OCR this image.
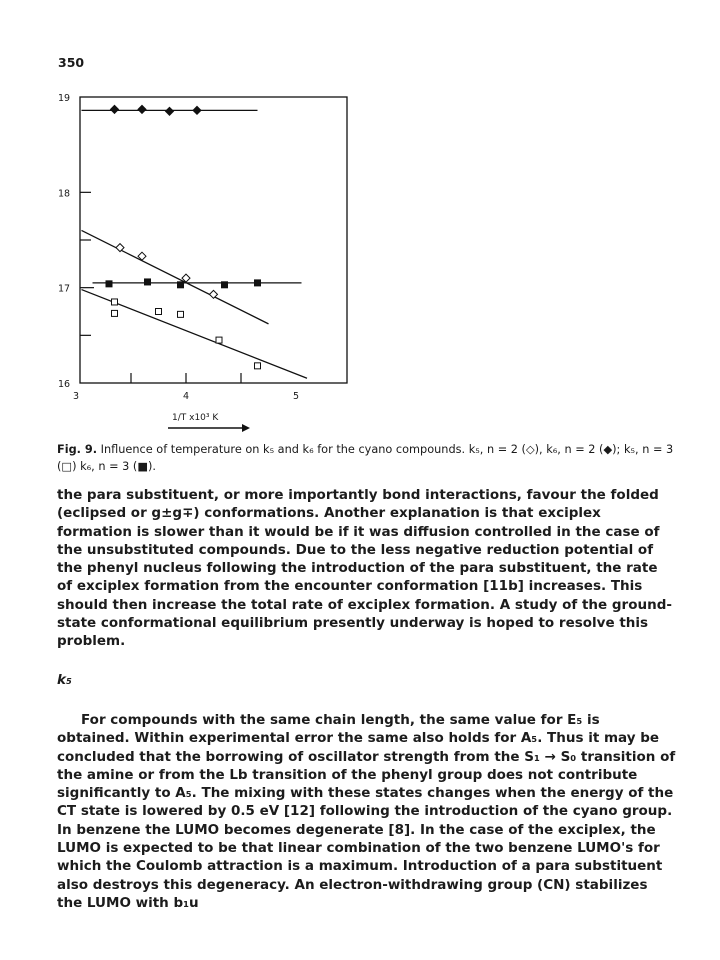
350
19
18
17
16
3	4	5
1/T x10³ K
Fig. 9. Influence of temperature on k₅ and k₆ for the cyano compounds. k₅, n = 2 (◇), k₆, n = 2 (◆); k₅, n = 3 (□) k₆, n = 3 (■).

the para substituent, or more importantly bond interactions, favour the folded (eclipsed or g±g∓) conformations. Another explanation is that exciplex formation is slower than it would be if it was diffusion controlled in the case of the unsubstituted compounds. Due to the less negative reduction potential of the phenyl nucleus following the introduction of the para substituent, the rate of exciplex formation from the encounter conformation [11b] increases. This should then increase the total rate of exciplex formation. A study of the ground-state conformational equilibrium presently underway is hoped to resolve this problem.

k₅

For compounds with the same chain length, the same value for E₅ is obtained. Within experimental error the same also holds for A₅. Thus it may be concluded that the borrowing of oscillator strength from the S₁ → S₀ transition of the amine or from the Lb transition of the phenyl group does not contribute significantly to A₅. The mixing with these states changes when the energy of the CT state is lowered by 0.5 eV [12] following the introduction of the cyano group. In benzene the LUMO becomes degenerate [8]. In the case of the exciplex, the LUMO is expected to be that linear combination of the two benzene LUMO's for which the Coulomb attraction is a maximum. Introduction of a para substituent also destroys this degeneracy. An electron-withdrawing group (CN) stabilizes the LUMO with b₁u
